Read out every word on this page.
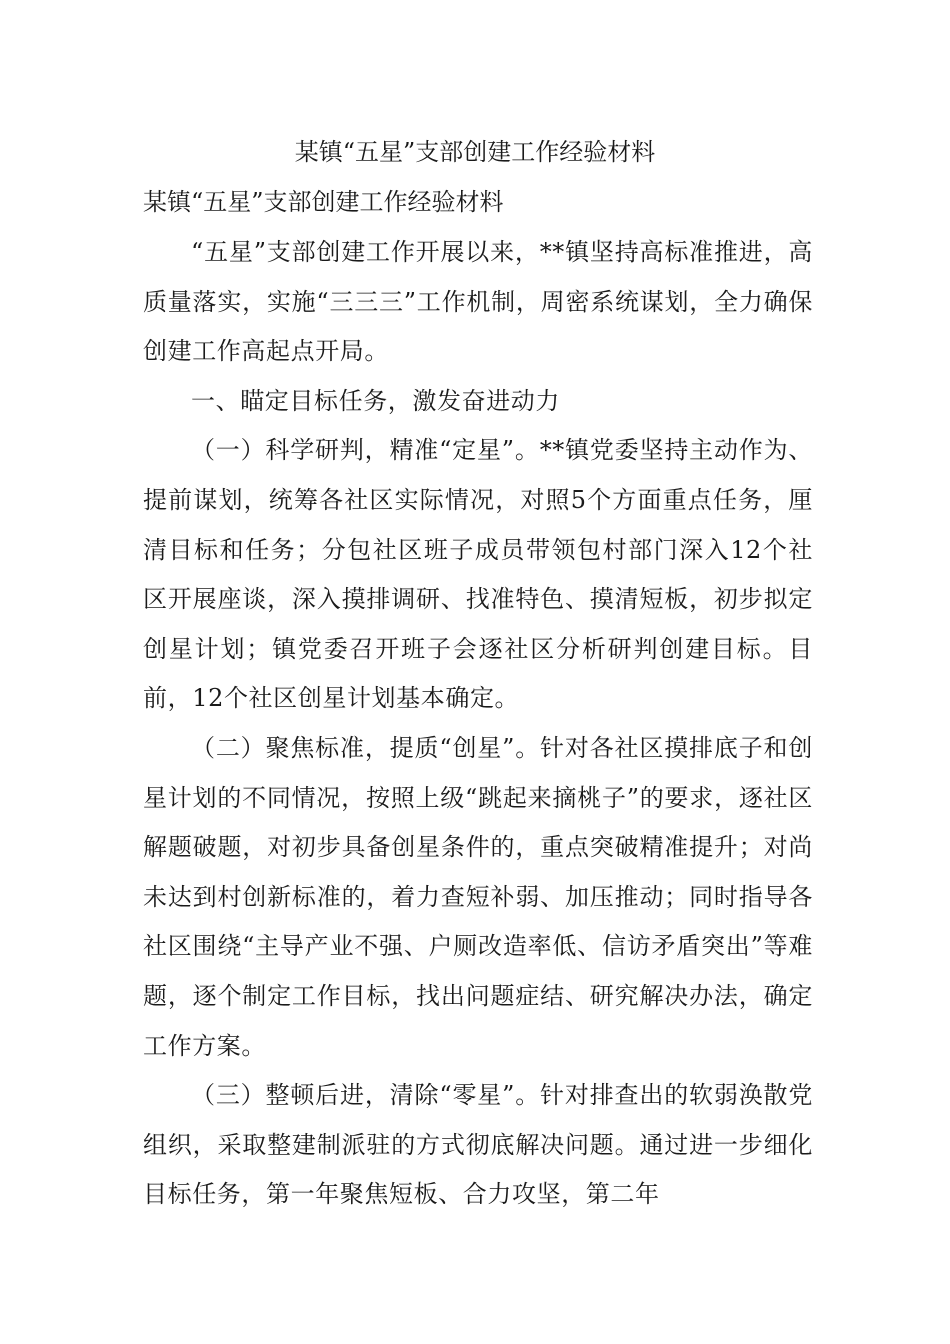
某镇“五星”支部创建工作经验材料
某镇“五星”支部创建工作经验材料

“五星”支部创建工作开展以来，**镇坚持高标准推进，高质量落实，实施“三三三”工作机制，周密系统谋划，全力确保创建工作高起点开局。

一、瞄定目标任务，激发奋进动力

（一）科学研判，精准“定星”。**镇党委坚持主动作为、提前谋划，统筹各社区实际情况，对照5个方面重点任务，厘清目标和任务；分包社区班子成员带领包村部门深入12个社区开展座谈，深入摸排调研、找准特色、摸清短板，初步拟定创星计划；镇党委召开班子会逐社区分析研判创建目标。目前，12个社区创星计划基本确定。

（二）聚焦标准，提质“创星”。针对各社区摸排底子和创星计划的不同情况，按照上级“跳起来摘桃子”的要求，逐社区解题破题，对初步具备创星条件的，重点突破精准提升；对尚未达到村创新标准的，着力查短补弱、加压推动；同时指导各社区围绕“主导产业不强、户厕改造率低、信访矛盾突出”等难题，逐个制定工作目标，找出问题症结、研究解决办法，确定工作方案。

（三）整顿后进，清除“零星”。针对排查出的软弱涣散党组织，采取整建制派驻的方式彻底解决问题。通过进一步细化目标任务，第一年聚焦短板、合力攻坚，第二年
